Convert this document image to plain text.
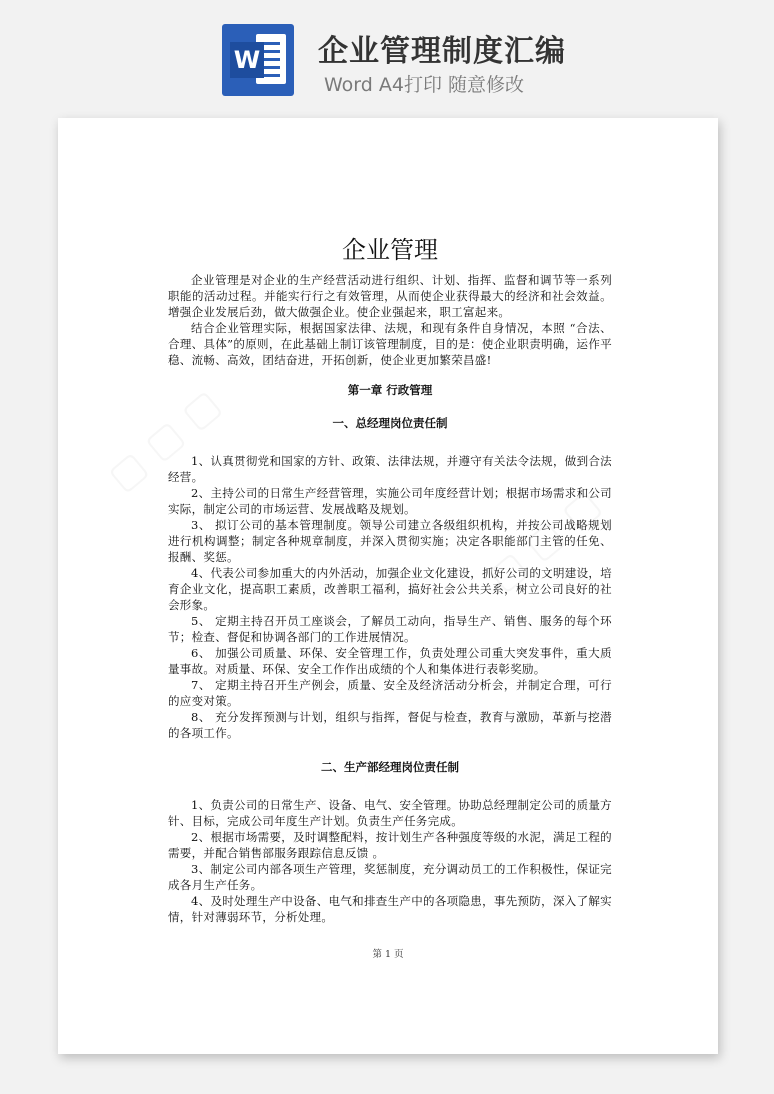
W 企业管理制度汇编
Word A4打印 随意修改
企业管理

企业管理是对企业的生产经营活动进行组织、计划、指挥、监督和调节等一系列职能的活动过程。并能实行行之有效管理，从而使企业获得最大的经济和社会效益。增强企业发展后劲，做大做强企业。使企业强起来，职工富起来。

结合企业管理实际，根据国家法律、法规，和现有条件自身情况，本照 “合法、合理、具体”的原则，在此基础上制订该管理制度，目的是：使企业职责明确，运作平稳、流畅、高效，团结奋进，开拓创新，使企业更加繁荣昌盛!

第一章 行政管理

一、总经理岗位责任制

1、认真贯彻党和国家的方针、政策、法律法规，并遵守有关法令法规，做到合法经营。

2、主持公司的日常生产经营管理，实施公司年度经营计划；根据市场需求和公司实际，制定公司的市场运营、发展战略及规划。

3、 拟订公司的基本管理制度。领导公司建立各级组织机构，并按公司战略规划进行机构调整；制定各种规章制度，并深入贯彻实施；决定各职能部门主管的任免、报酬、奖惩。

4、代表公司参加重大的内外活动，加强企业文化建设，抓好公司的文明建设，培育企业文化，提高职工素质，改善职工福利，搞好社会公共关系，树立公司良好的社会形象。

5、 定期主持召开员工座谈会，了解员工动向，指导生产、销售、服务的每个环节；检查、督促和协调各部门的工作进展情况。

6、 加强公司质量、环保、安全管理工作，负责处理公司重大突发事件，重大质量事故。对质量、环保、安全工作作出成绩的个人和集体进行表彰奖励。

7、 定期主持召开生产例会，质量、安全及经济活动分析会，并制定合理，可行的应变对策。

8、 充分发挥预测与计划，组织与指挥，督促与检查，教育与激励，革新与挖潜的各项工作。

二、生产部经理岗位责任制

1、负责公司的日常生产、设备、电气、安全管理。协助总经理制定公司的质量方针、目标，完成公司年度生产计划。负责生产任务完成。

2、根据市场需要，及时调整配料，按计划生产各种强度等级的水泥，满足工程的需要，并配合销售部服务跟踪信息反馈 。

3、制定公司内部各项生产管理，奖惩制度，充分调动员工的工作积极性，保证完成各月生产任务。

4、及时处理生产中设备、电气和排查生产中的各项隐患，事先预防，深入了解实情，针对薄弱环节，分析处理。

第 1 页
